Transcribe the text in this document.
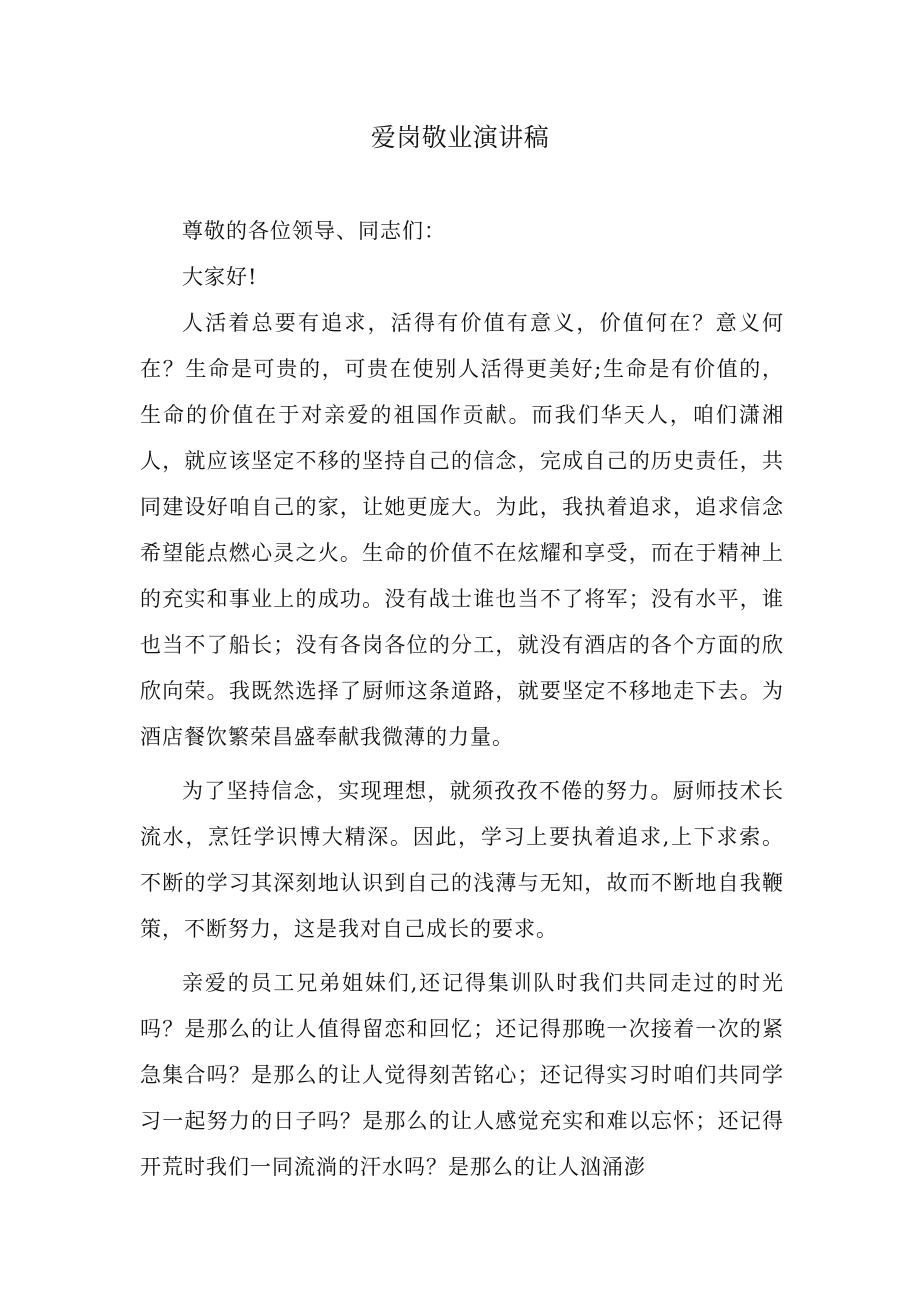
爱岗敬业演讲稿

尊敬的各位领导、同志们：

大家好!

人活着总要有追求，活得有价值有意义，价值何在？意义何在？生命是可贵的，可贵在使别人活得更美好;生命是有价值的，生命的价值在于对亲爱的祖国作贡献。而我们华天人，咱们潇湘人，就应该坚定不移的坚持自己的信念，完成自己的历史责任，共同建设好咱自己的家，让她更庞大。为此，我执着追求，追求信念希望能点燃心灵之火。生命的价值不在炫耀和享受，而在于精神上的充实和事业上的成功。没有战士谁也当不了将军；没有水平，谁也当不了船长；没有各岗各位的分工，就没有酒店的各个方面的欣欣向荣。我既然选择了厨师这条道路，就要坚定不移地走下去。为酒店餐饮繁荣昌盛奉献我微薄的力量。

为了坚持信念，实现理想，就须孜孜不倦的努力。厨师技术长流水，烹饪学识博大精深。因此，学习上要执着追求,上下求索。不断的学习其深刻地认识到自己的浅薄与无知，故而不断地自我鞭策，不断努力，这是我对自己成长的要求。

亲爱的员工兄弟姐妹们,还记得集训队时我们共同走过的时光吗？是那么的让人值得留恋和回忆；还记得那晚一次接着一次的紧急集合吗？是那么的让人觉得刻苦铭心；还记得实习时咱们共同学习一起努力的日子吗？是那么的让人感觉充实和难以忘怀；还记得开荒时我们一同流淌的汗水吗？是那么的让人汹涌澎
